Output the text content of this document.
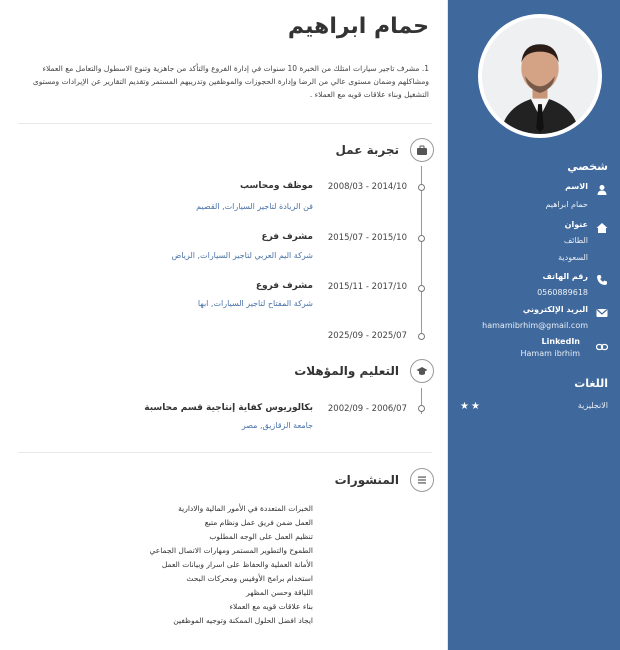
حمام ابراهيم
1. مشرف تاجير سيارات امتلك من الخبرة 10 سنوات في إدارة الفروع والتأكد من جاهزية وتنوع الاسطول والتعامل مع العملاء ومشاكلهم وضمان مستوى عالي من الرضا وإدارة الحجوزات والموظفين وتدريبهم المستمر وتقديم التقارير عن الإيرادات ومستوى التشغيل وبناء علاقات قويه مع العملاء .
تجربة عمل
موظف ومحاسب 2008/03 - 2014/10
فن الريادة لتاجير السيارات, القصيم
مشرف فرع 2015/07 - 2015/10
شركة اليم العربي لتاجير السيارات, الرياض
مشرف فروع 2015/11 - 2017/10
شركة المفتاح لتاجير السيارات, ابها
2025/09 - 2025/07
التعليم والمؤهلات
بكالوريوس كفاية إنتاجية قسم محاسبة 2002/09 - 2006/07
جامعة الزقازيق, مصر
المنشورات
الخبرات المتعددة في الأمور المالية والادارية
العمل ضمن فريق عمل ونظام متبع
تنظيم العمل على الوجه المطلوب
الطموح والتطوير المستمر ومهارات الاتصال الجماعي
الأمانة العملية والحفاظ على اسرار وبيانات العمل
استخدام برامج الأوفيس ومحركات البحث
اللياقة وحسن المظهر
بناء علاقات قويه مع العملاء
ايجاد افضل الحلول الممكنة وتوجيه الموظفين
شخصي
الاسم
حمام ابراهيم
عنوان
الطائف
السعودية
رقم الهاتف
0560889618
البريد الإلكتروني
hamamibrhim@gmail.com
LinkedIn
Hamam ibrhim
اللغات
الانجليزية
★★
